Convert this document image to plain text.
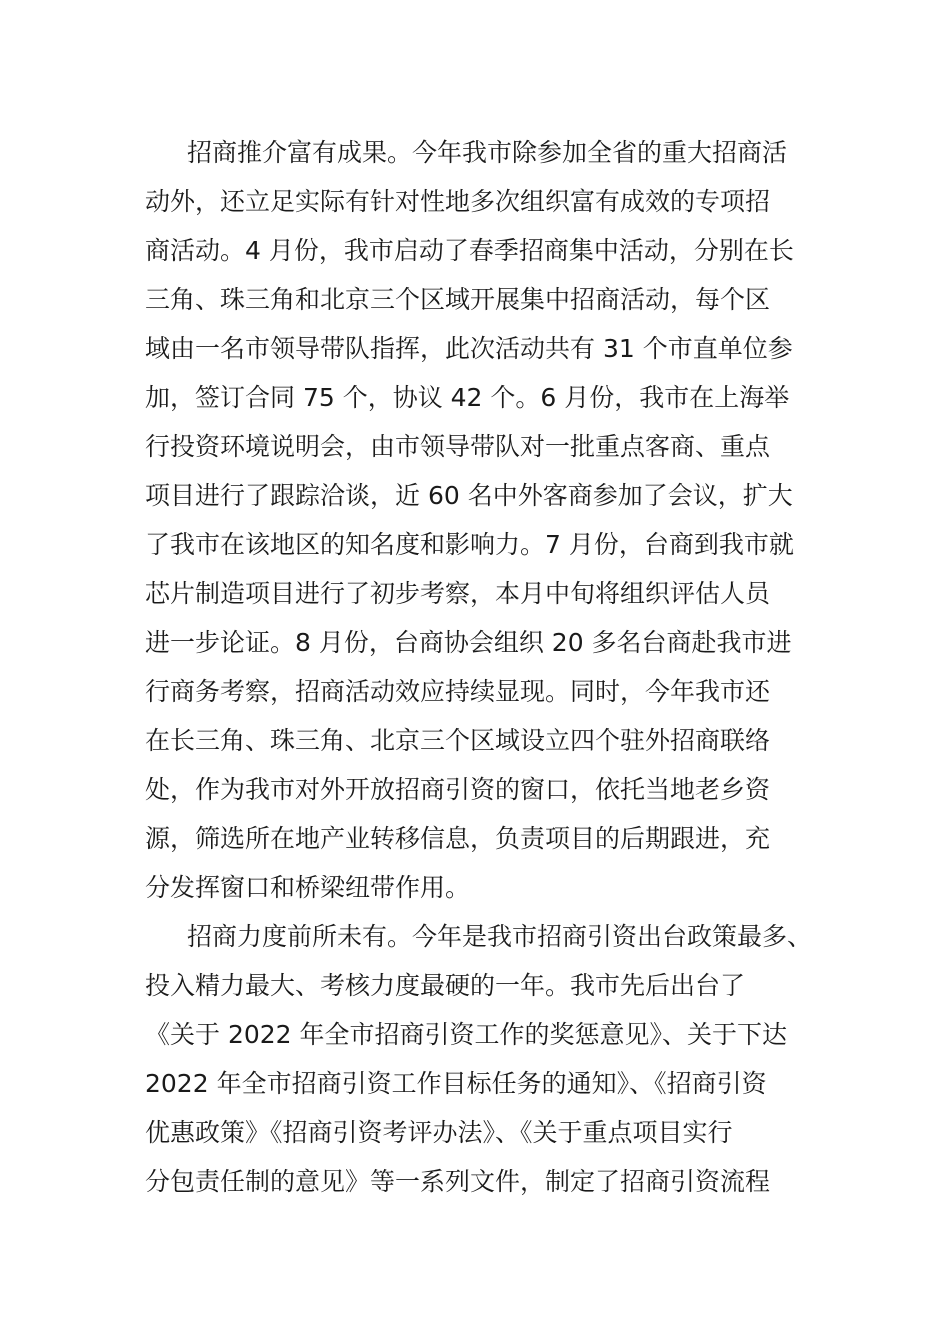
招商推介富有成果。今年我市除参加全省的重大招商活
动外，还立足实际有针对性地多次组织富有成效的专项招
商活动。4 月份，我市启动了春季招商集中活动，分别在长
三角、珠三角和北京三个区域开展集中招商活动，每个区
域由一名市领导带队指挥，此次活动共有 31 个市直单位参
加，签订合同 75 个，协议 42 个。6 月份，我市在上海举
行投资环境说明会，由市领导带队对一批重点客商、重点
项目进行了跟踪洽谈，近 60 名中外客商参加了会议，扩大
了我市在该地区的知名度和影响力。7 月份，台商到我市就
芯片制造项目进行了初步考察，本月中旬将组织评估人员
进一步论证。8 月份，台商协会组织 20 多名台商赴我市进
行商务考察，招商活动效应持续显现。同时，今年我市还
在长三角、珠三角、北京三个区域设立四个驻外招商联络
处，作为我市对外开放招商引资的窗口，依托当地老乡资
源，筛选所在地产业转移信息，负责项目的后期跟进，充
分发挥窗口和桥梁纽带作用。
招商力度前所未有。今年是我市招商引资出台政策最多、
投入精力最大、考核力度最硬的一年。我市先后出台了
《关于 2022 年全市招商引资工作的奖惩意见》、关于下达
2022 年全市招商引资工作目标任务的通知》、《招商引资
优惠政策》《招商引资考评办法》、《关于重点项目实行
分包责任制的意见》等一系列文件，制定了招商引资流程
